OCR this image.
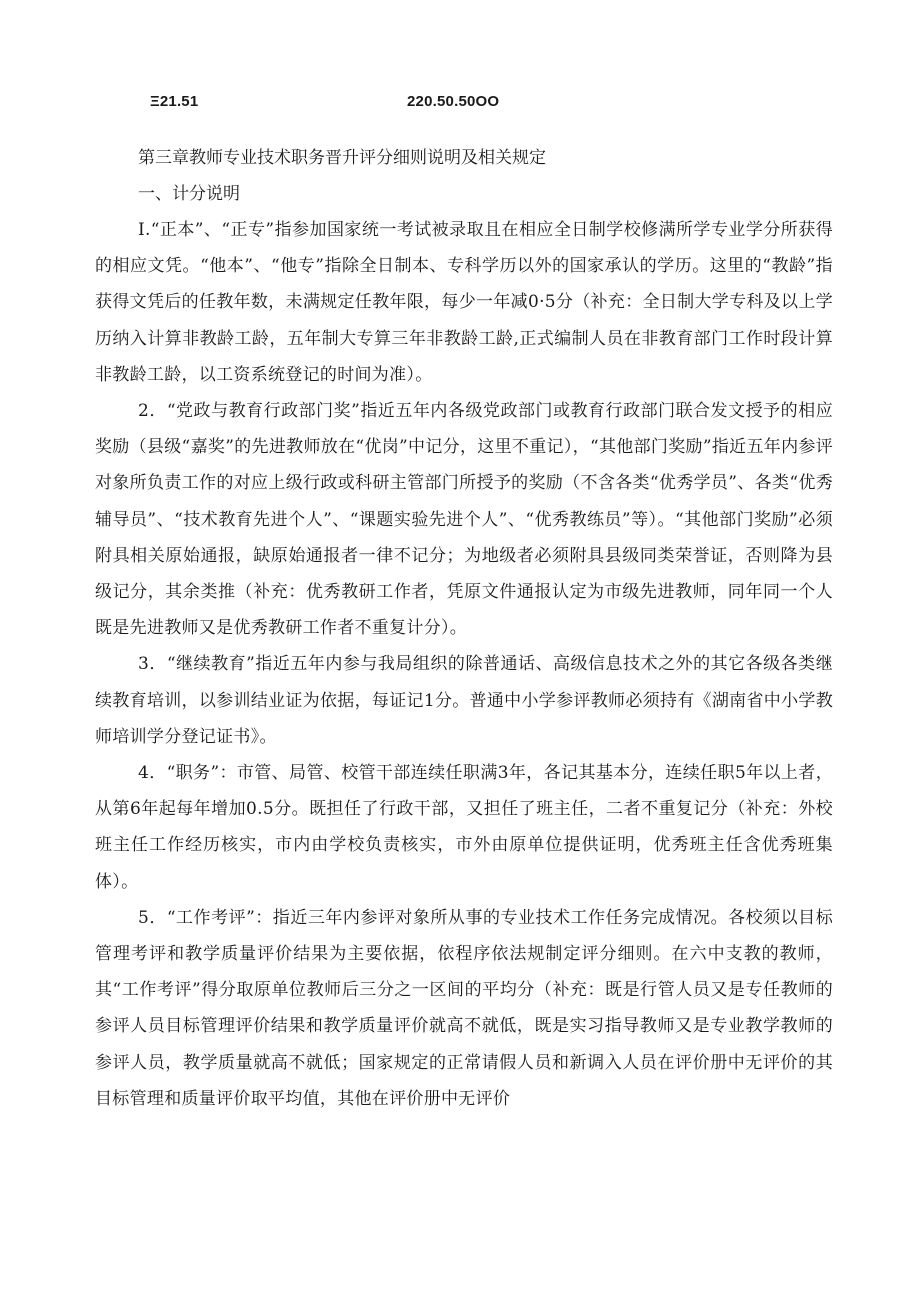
Ξ21.51	220.50.50OO
第三章教师专业技术职务晋升评分细则说明及相关规定
一、计分说明

I.“正本”、“正专”指参加国家统一考试被录取且在相应全日制学校修满所学专业学分所获得的相应文凭。“他本”、“他专”指除全日制本、专科学历以外的国家承认的学历。这里的“教龄”指获得文凭后的任教年数，未满规定任教年限，每少一年减0·5分（补充：全日制大学专科及以上学历纳入计算非教龄工龄，五年制大专算三年非教龄工龄,正式编制人员在非教育部门工作时段计算非教龄工龄，以工资系统登记的时间为准）。

2．“党政与教育行政部门奖”指近五年内各级党政部门或教育行政部门联合发文授予的相应奖励（县级“嘉奖”的先进教师放在“优岗”中记分，这里不重记），“其他部门奖励”指近五年内参评对象所负责工作的对应上级行政或科研主管部门所授予的奖励（不含各类“优秀学员”、各类“优秀辅导员”、“技术教育先进个人”、“课题实验先进个人”、“优秀教练员”等）。“其他部门奖励”必须附具相关原始通报，缺原始通报者一律不记分；为地级者必须附具县级同类荣誉证，否则降为县级记分，其余类推（补充：优秀教研工作者，凭原文件通报认定为市级先进教师，同年同一个人既是先进教师又是优秀教研工作者不重复计分）。

3．“继续教育”指近五年内参与我局组织的除普通话、高级信息技术之外的其它各级各类继续教育培训，以参训结业证为依据，每证记1分。普通中小学参评教师必须持有《湖南省中小学教师培训学分登记证书》。

4．“职务”：市管、局管、校管干部连续任职满3年，各记其基本分，连续任职5年以上者，从第6年起每年增加0.5分。既担任了行政干部，又担任了班主任，二者不重复记分（补充：外校班主任工作经历核实，市内由学校负责核实，市外由原单位提供证明，优秀班主任含优秀班集体）。

5．“工作考评”：指近三年内参评对象所从事的专业技术工作任务完成情况。各校须以目标管理考评和教学质量评价结果为主要依据，依程序依法规制定评分细则。在六中支教的教师，其“工作考评”得分取原单位教师后三分之一区间的平均分（补充：既是行管人员又是专任教师的参评人员目标管理评价结果和教学质量评价就高不就低，既是实习指导教师又是专业教学教师的参评人员，教学质量就高不就低；国家规定的正常请假人员和新调入人员在评价册中无评价的其目标管理和质量评价取平均值，其他在评价册中无评价
